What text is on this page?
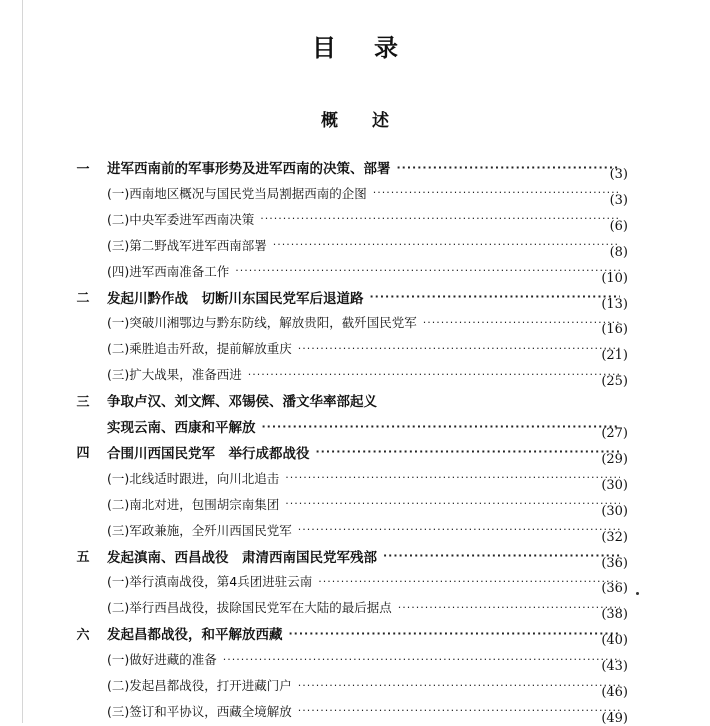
目录
概述
一 进军西南前的军事形势及进军西南的决策、部署 ·····	(3)
(一)西南地区概况与国民党当局割据西南的企图 ·····	(3)
(二)中央军委进军西南决策 ·····	(6)
(三)第二野战军进军西南部署 ·····	(8)
(四)进军西南准备工作 ·····	(10)
二 发起川黔作战　切断川东国民党军后退道路 ·····	(13)
(一)突破川湘鄂边与黔东防线，解放贵阳，截歼国民党军 ·····	(16)
(二)乘胜追击歼敌，提前解放重庆 ·····	(21)
(三)扩大战果，准备西进 ·····	(25)
三 争取卢汉、刘文辉、邓锡侯、潘文华率部起义
实现云南、西康和平解放 ·····	(27)
四 合围川西国民党军　举行成都战役 ·····	(29)
(一)北线适时跟进，向川北追击 ·····	(30)
(二)南北对进，包围胡宗南集团 ·····	(30)
(三)军政兼施，全歼川西国民党军 ·····	(32)
五 发起滇南、西昌战役　肃清西南国民党军残部 ·····	(36)
(一)举行滇南战役，第4兵团进驻云南 ·····	(36)
(二)举行西昌战役，拔除国民党军在大陆的最后据点 ·····	(38)
六 发起昌都战役，和平解放西藏 ·····	(40)
(一)做好进藏的准备 ·····	(43)
(二)发起昌都战役，打开进藏门户 ·····	(46)
(三)签订和平协议，西藏全境解放 ·····	(49)
